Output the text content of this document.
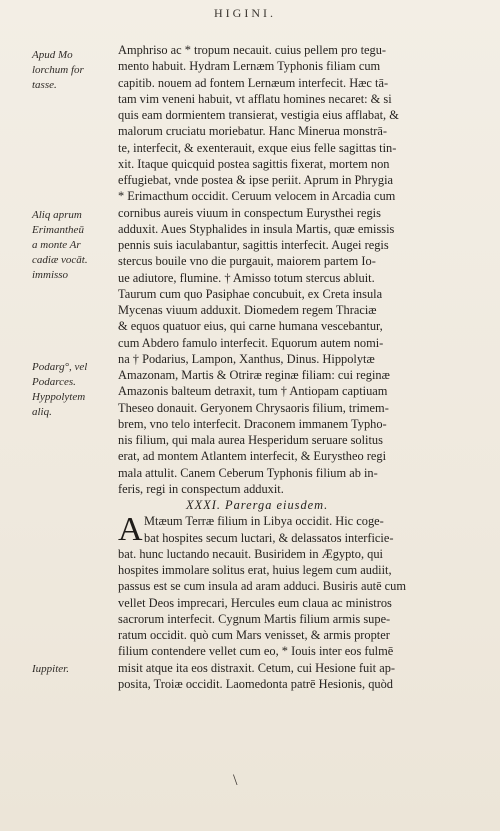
HIGINI.
Apud Mo
lorchum for
tasse.
Aliq aprum
Erimantheū
a monte Ar
cadiæ vocāt.
immisso
Podarg°, vel
Podarces.
Hyppolytem
aliq.
Iuppiter.
Amphriso ac * tropum necauit. cuius pellem pro tegu-
mento habuit. Hydram Lernæm Typhonis filiam cum
capitib. nouem ad fontem Lernæum interfecit. Hæc tā-
tam vim veneni habuit, vt afflatu homines necaret: & si
quis eam dormientem transierat, vestigia eius afflabat, &
malorum cruciatu moriebatur. Hanc Minerua monstrā-
te, interfecit, & exenterauit, exque eius felle sagittas tin-
xit. Itaque quicquid postea sagittis fixerat, mortem non
effugiebat, vnde postea & ipse periit. Aprum in Phrygia
* Erimacthum occidit. Ceruum velocem in Arcadia cum
cornibus aureis viuum in conspectum Eurysthei regis
adduxit. Aues Styphalides in insula Martis, quæ emissis
pennis suis iaculabantur, sagittis interfecit. Augei regis
stercus bouile vno die purgauit, maiorem partem Io-
ue adiutore, flumine. † Amisso totum stercus abluit.
Taurum cum quo Pasiphae concubuit, ex Creta insula
Mycenas viuum adduxit. Diomedem regem Thraciæ
& equos quatuor eius, qui carne humana vescebantur,
cum Abdero famulo interfecit. Equorum autem nomi-
na † Podarius, Lampon, Xanthus, Dinus. Hippolytæ
Amazonam, Martis & Otriræ reginæ filiam: cui reginæ
Amazonis balteum detraxit, tum † Antiopam captiuam
Theseo donauit. Geryonem Chrysaoris filium, trimem-
brem, vno telo interfecit. Draconem immanem Typho-
nis filium, qui mala aurea Hesperidum seruare solitus
erat, ad montem Atlantem interfecit, & Eurystheo regi
mala attulit. Canem Ceberum Typhonis filium ab in-
feris, regi in conspectum adduxit.
XXXI. Parerga eiusdem.
A Mtæum Terræ filium in Libya occidit. Hic coge-
bat hospites secum luctari, & delassatos interficie-
bat. hunc luctando necauit. Busiridem in Ægypto, qui
hospites immolare solitus erat, huius legem cum audiit,
passus est se cum insula ad aram adduci. Busiris autē cum
vellet Deos imprecari, Hercules eum claua ac ministros
sacrorum interfecit. Cygnum Martis filium armis supe-
ratum occidit. quò cum Mars venisset, & armis propter
filium contendere vellet cum eo, * Iouis inter eos fulmē
misit atque ita eos distraxit. Cetum, cui Hesione fuit ap-
posita, Troiæ occidit. Laomedonta patrē Hesionis, quòd
\
